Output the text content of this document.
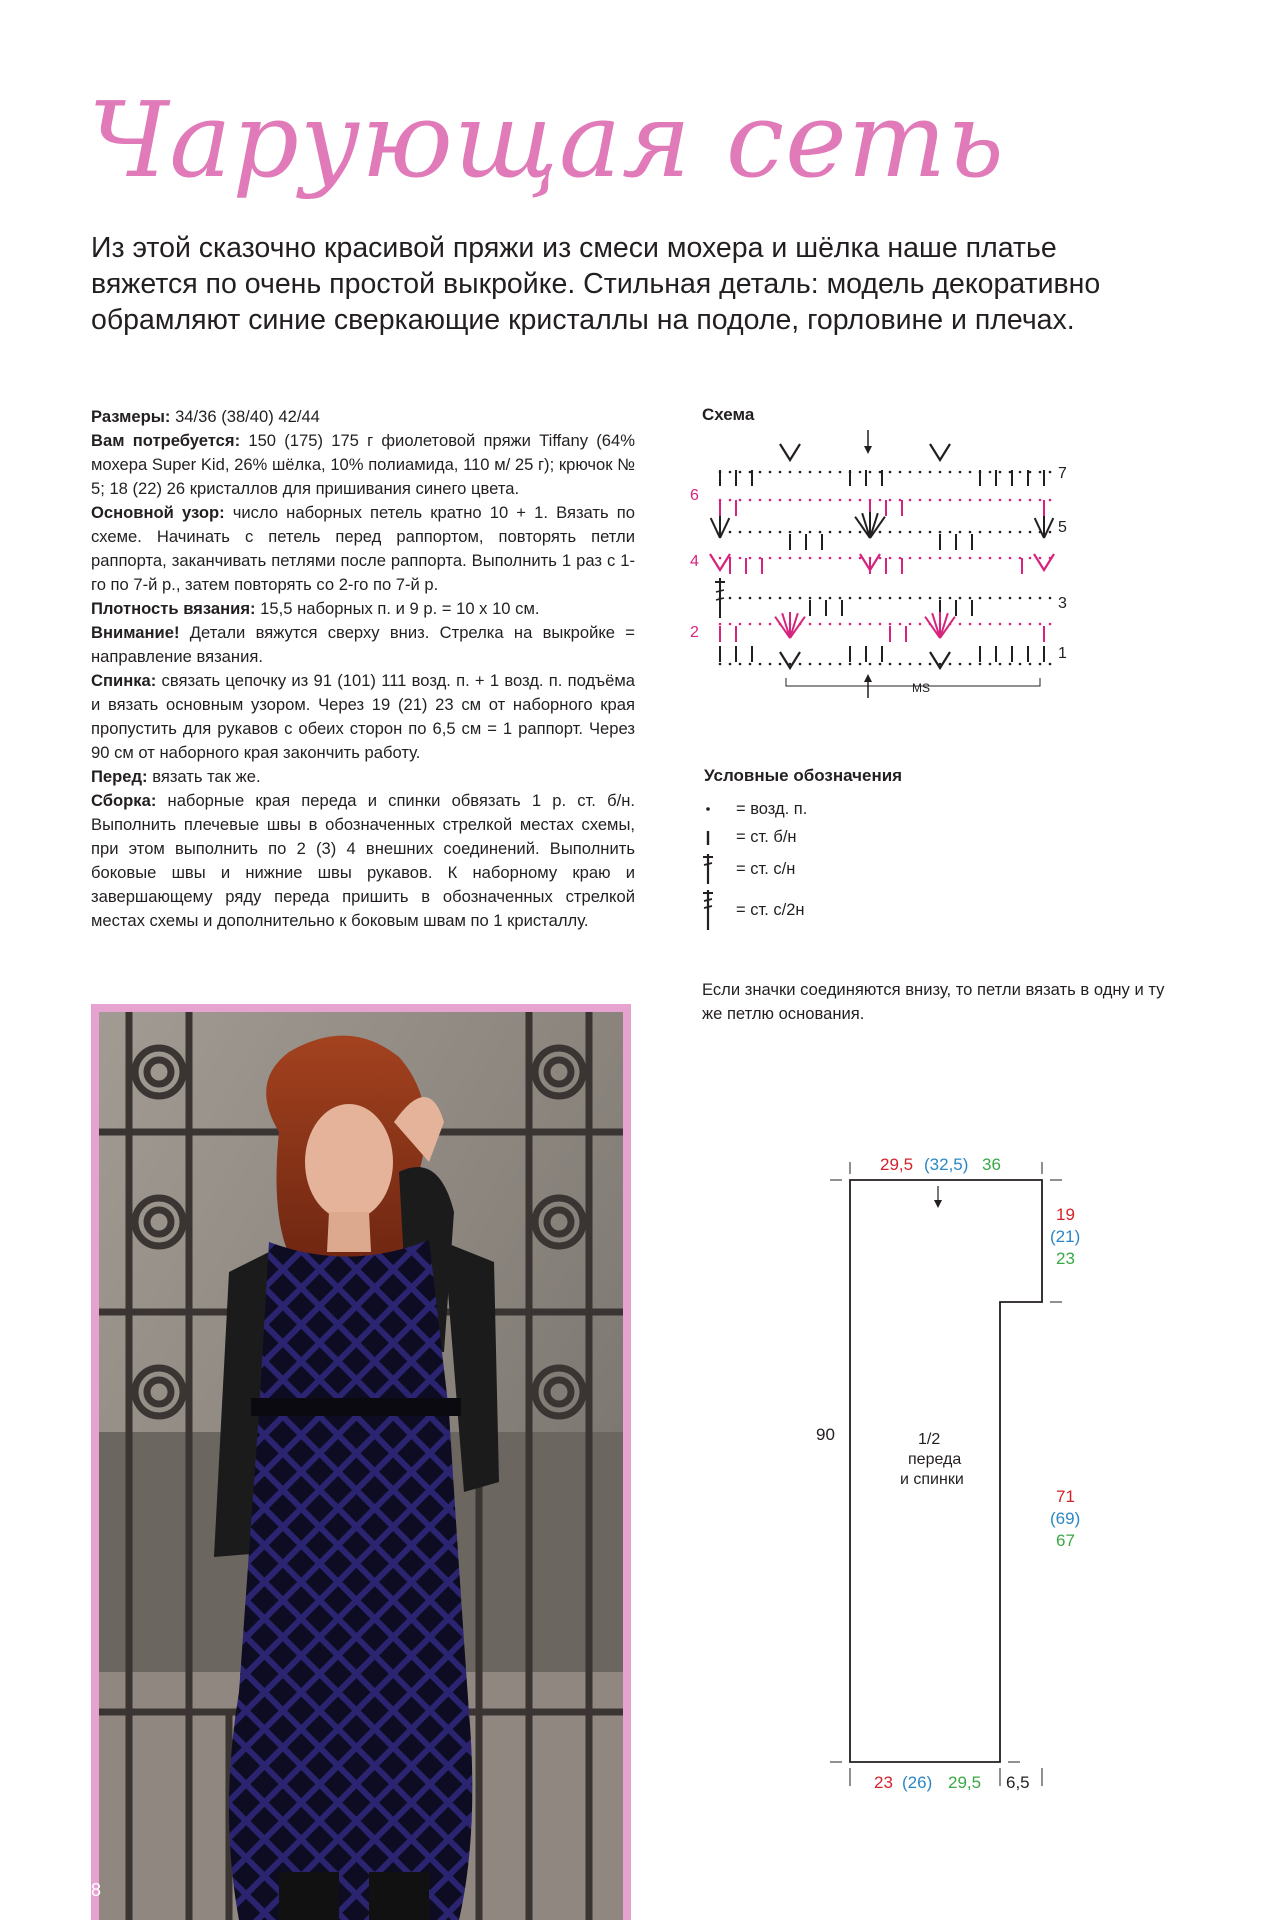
Чарующая сеть

Из этой сказочно красивой пряжи из смеси мохера и шёлка наше платье

вяжется по очень простой выкройке. Стильная деталь: модель декоративно

обрамляют синие сверкающие кристаллы на подоле, горловине и плечах.

Размеры: 34/36 (38/40) 42/44

Вам потребуется: 150 (175) 175 г фиолетовой пряжи Tiffany (64% мохера Super Kid, 26% шёлка, 10% полиамида, 110 м/ 25 г); крючок № 5; 18 (22) 26 кристаллов для пришивания синего цвета.

Основной узор: число наборных петель кратно 10 + 1. Вязать по схеме. Начинать с петель перед раппортом, повторять петли раппорта, заканчивать петлями после раппорта. Выполнить 1 раз с 1-го по 7-й р., затем повторять со 2-го по 7-й р.

Плотность вязания: 15,5 наборных п. и 9 р. = 10 х 10 см.

Внимание! Детали вяжутся сверху вниз. Стрелка на выкройке = направление вязания.

Спинка: связать цепочку из 91 (101) 111 возд. п. + 1 возд. п. подъёма и вязать основным узором. Через 19 (21) 23 см от наборного края пропустить для рукавов с обеих сторон по 6,5 см = 1 раппорт. Через 90 см от наборного края закончить работу.

Перед: вязать так же.

Сборка: наборные края переда и спинки обвязать 1 р. ст. б/н. Выполнить плечевые швы в обозначенных стрелкой местах схемы, при этом выполнить по 2 (3) 4 внешних соединений. Выполнить боковые швы и нижние швы рукавов. К наборному краю и завершающему ряду переда пришить в обозначенных стрелкой местах схемы и дополнительно к боковым швам по 1 кристаллу.

Схема
6
4
2
7
5
3
1
MS
Условные обозначения
= возд. п.
= ст. б/н
= ст. с/н
= ст. с/2н
Если значки соединяются внизу, то петли вязать в одну и ту же петлю основания.
8
29,5 (32,5) 36
19
(21)
23
90	1/2
переда
и спинки
71
(69)
67
23 (26) 29,5 6,5
